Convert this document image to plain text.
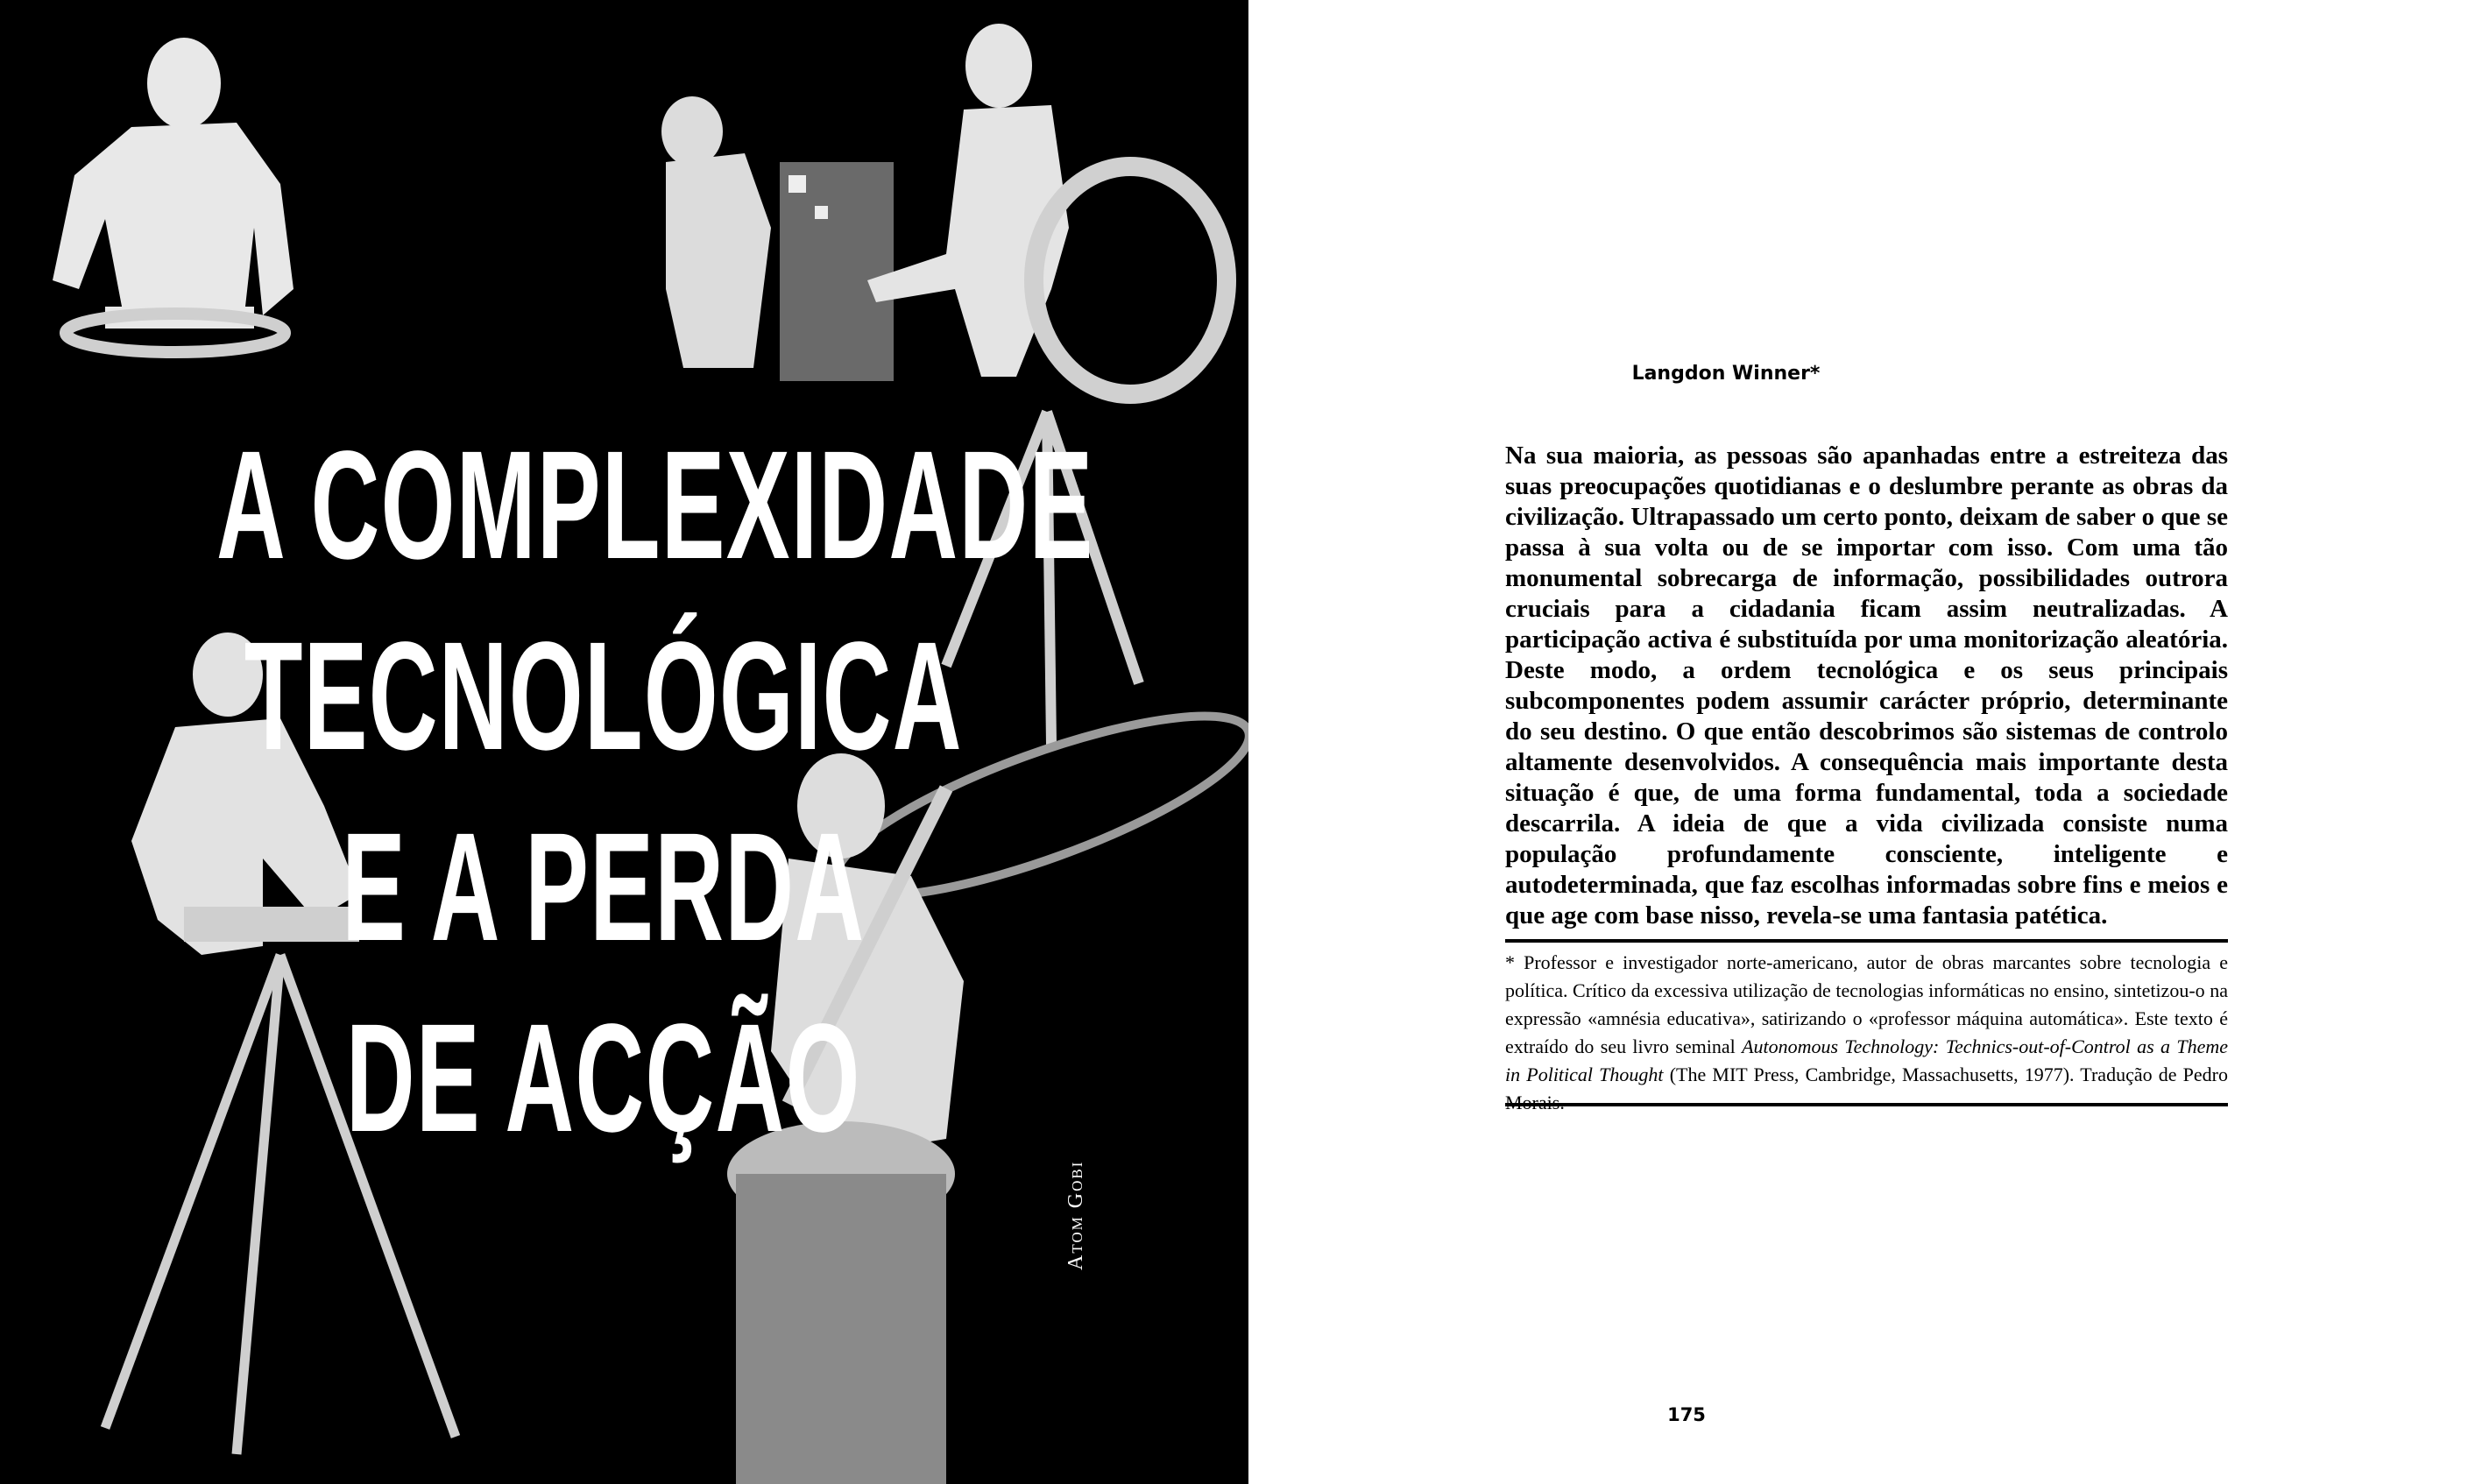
A COMPLEXIDADE
TECNOLÓGICA
E A PERDA
DE ACÇÃO
Atom Gobi
Langdon Winner*
Na sua maioria, as pessoas são apanhadas entre a estreiteza das suas preocupações quotidianas e o deslumbre perante as obras da civilização. Ultrapassado um certo ponto, deixam de saber o que se passa à sua volta ou de se importar com isso. Com uma tão monumental sobrecarga de informação, possibilidades outrora cruciais para a cidadania ficam assim neutralizadas. A participação activa é substituída por uma monitorização aleatória. Deste modo, a ordem tecnológica e os seus principais subcomponentes podem assumir carácter próprio, determinante do seu destino. O que então descobrimos são sistemas de controlo altamente desenvolvidos. A consequência mais importante desta situação é que, de uma forma fundamental, toda a sociedade descarrila. A ideia de que a vida civilizada consiste numa população profundamente consciente, inteligente e autodeterminada, que faz escolhas informadas sobre fins e meios e que age com base nisso, revela-se uma fantasia patética.
* Professor e investigador norte-americano, autor de obras marcantes sobre tecnologia e política. Crítico da excessiva utilização de tecnologias informáticas no ensino, sintetizou-o na expressão «amnésia educativa», satirizando o «professor máquina automática». Este texto é extraído do seu livro seminal Autonomous Technology: Technics-out-of-Control as a Theme in Political Thought (The MIT Press, Cambridge, Massachusetts, 1977). Tradução de Pedro
175
